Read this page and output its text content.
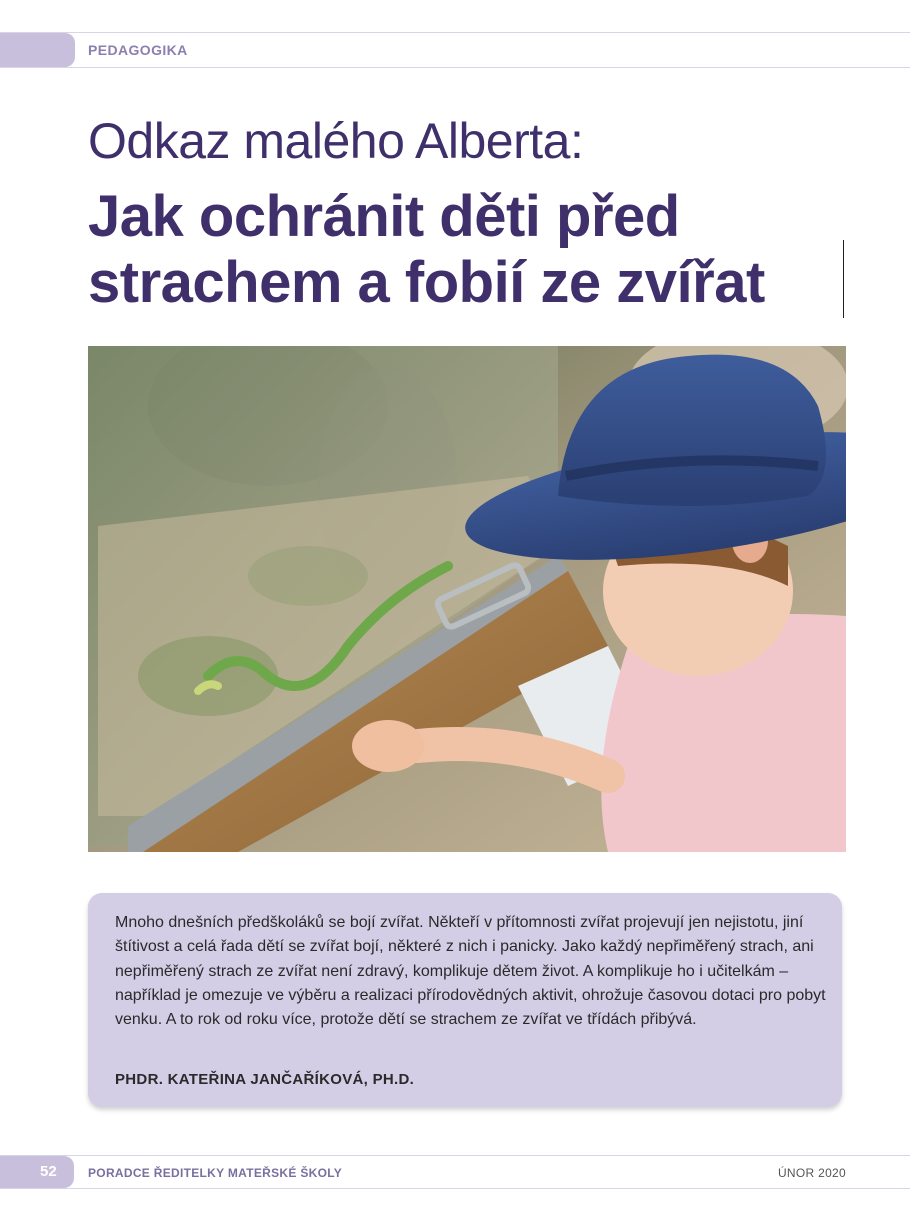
PEDAGOGIKA
Odkaz malého Alberta:
Jak ochránit děti před strachem a fobií ze zvířat
Mnoho dnešních předškoláků se bojí zvířat. Někteří v přítomnosti zvířat projevují jen nejistotu, jiní štítivost a celá řada dětí se zvířat bojí, některé z nich i panicky. Jako každý nepřiměřený strach, ani nepřiměřený strach ze zvířat není zdravý, komplikuje dětem život. A komplikuje ho i učitelkám – například je omezuje ve výběru a realizaci přírodovědných aktivit, ohrožuje časovou dotaci pro pobyt venku. A to rok od roku více, protože dětí se strachem ze zvířat ve třídách přibývá.
PHDR. KATEŘINA JANČAŘÍKOVÁ, PH.D.
52	PORADCE ŘEDITELKY MATEŘSKÉ ŠKOLY	ÚNOR 2020
